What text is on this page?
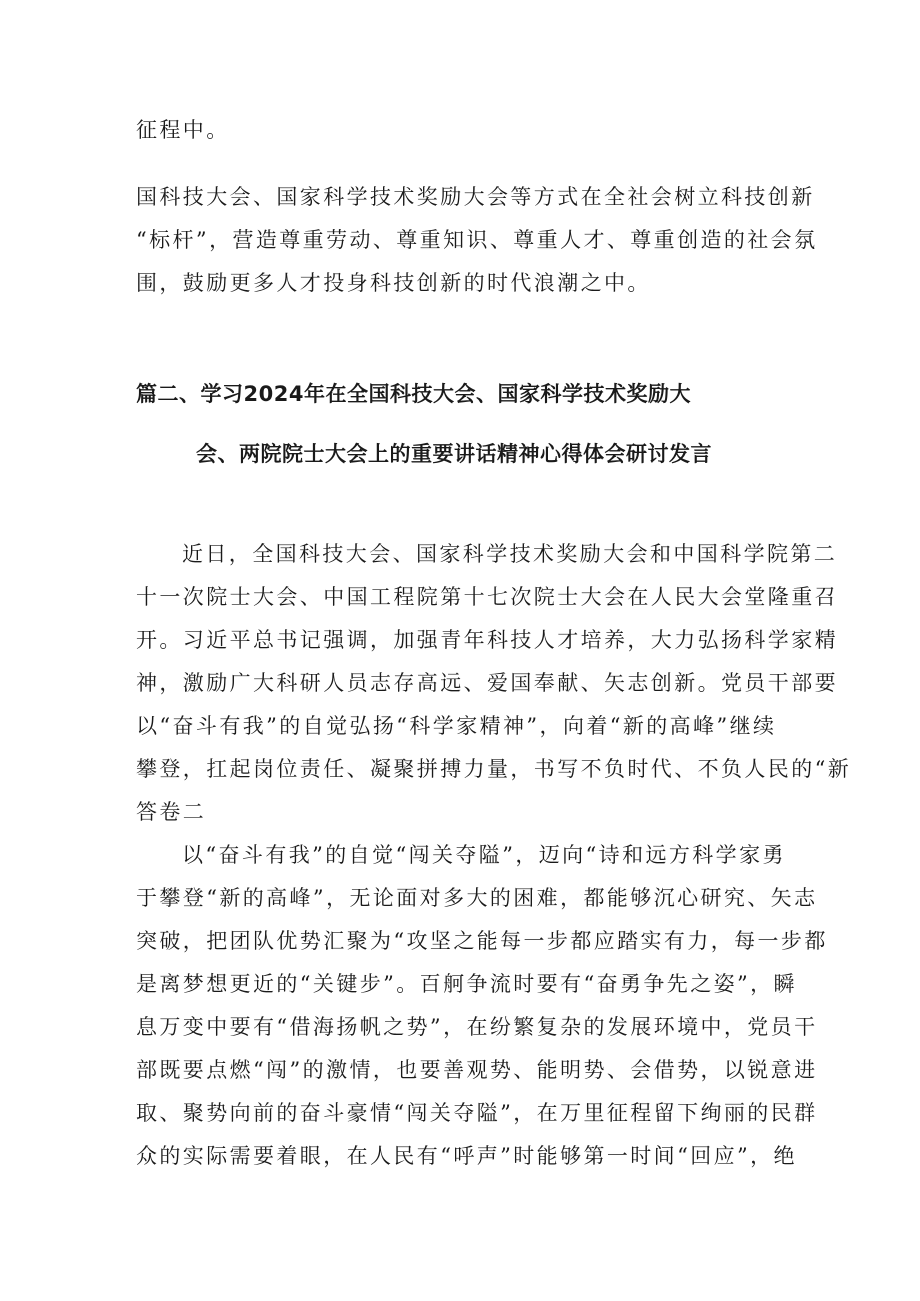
征程中。
国科技大会、国家科学技术奖励大会等方式在全社会树立科技创新
“标杆”，营造尊重劳动、尊重知识、尊重人才、尊重创造的社会氛
围，鼓励更多人才投身科技创新的时代浪潮之中。
篇二、学习2024年在全国科技大会、国家科学技术奖励大
会、两院院士大会上的重要讲话精神心得体会研讨发言
近日，全国科技大会、国家科学技术奖励大会和中国科学院第二
十一次院士大会、中国工程院第十七次院士大会在人民大会堂隆重召
开。习近平总书记强调，加强青年科技人才培养，大力弘扬科学家精
神，激励广大科研人员志存高远、爱国奉献、矢志创新。党员干部要
以“奋斗有我”的自觉弘扬“科学家精神”，向着“新的高峰”继续
攀登，扛起岗位责任、凝聚拼搏力量，书写不负时代、不负人民的“新
答卷二
以“奋斗有我”的自觉“闯关夺隘”，迈向“诗和远方科学家勇
于攀登“新的高峰”，无论面对多大的困难，都能够沉心研究、矢志
突破，把团队优势汇聚为“攻坚之能每一步都应踏实有力，每一步都
是离梦想更近的“关键步”。百舸争流时要有“奋勇争先之姿”，瞬
息万变中要有“借海扬帆之势”，在纷繁复杂的发展环境中，党员干
部既要点燃“闯”的激情，也要善观势、能明势、会借势，以锐意进
取、聚势向前的奋斗豪情“闯关夺隘”，在万里征程留下绚丽的民群
众的实际需要着眼，在人民有“呼声”时能够第一时间“回应”，绝
